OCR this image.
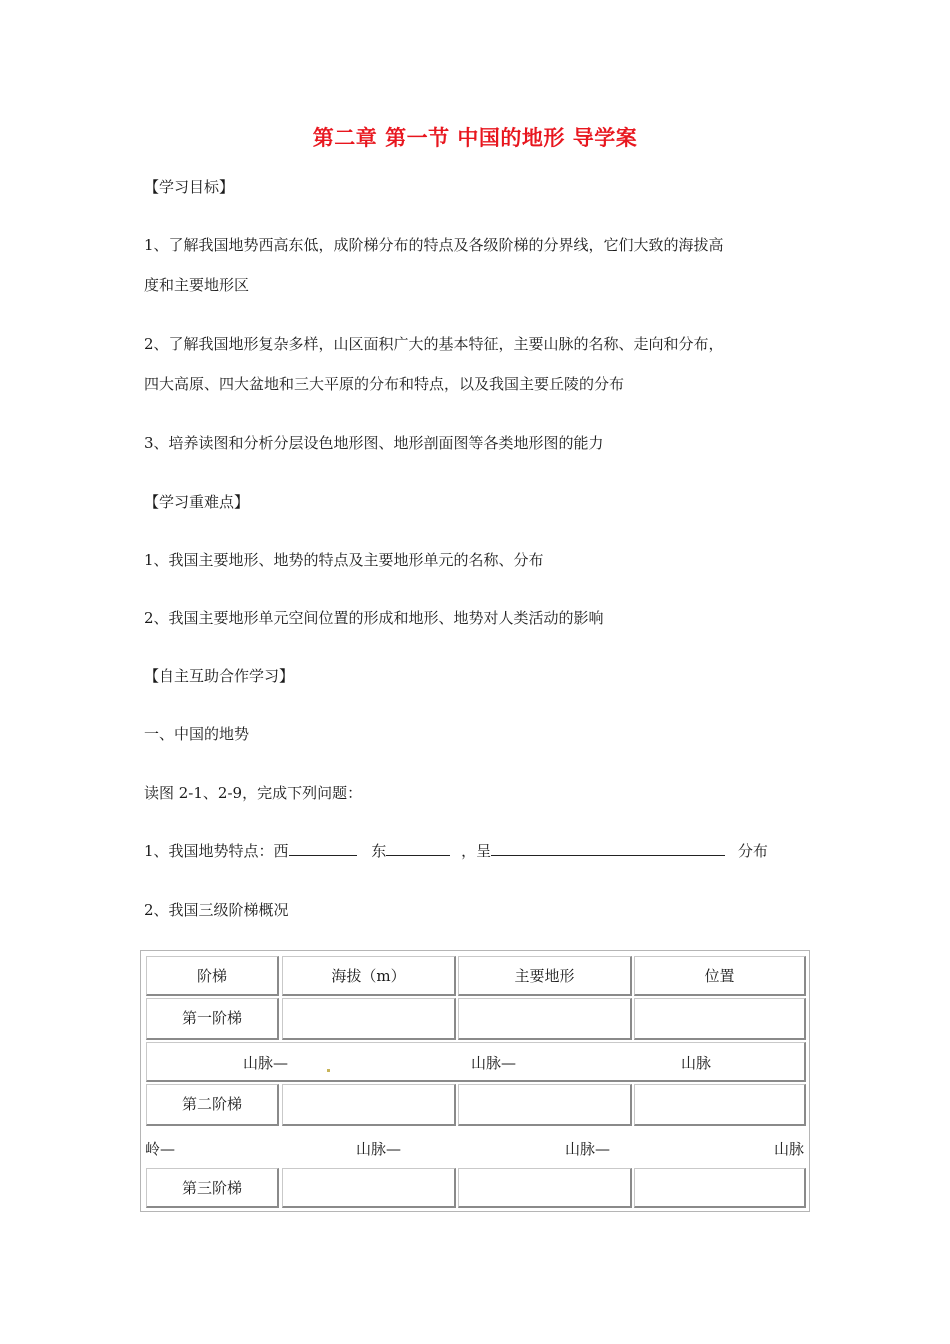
第二章 第一节 中国的地形 导学案
【学习目标】
1、了解我国地势西高东低，成阶梯分布的特点及各级阶梯的分界线，它们大致的海拔高
度和主要地形区
2、了解我国地形复杂多样，山区面积广大的基本特征，主要山脉的名称、走向和分布，
四大高原、四大盆地和三大平原的分布和特点，以及我国主要丘陵的分布
3、培养读图和分析分层设色地形图、地形剖面图等各类地形图的能力
【学习重难点】
1、我国主要地形、地势的特点及主要地形单元的名称、分布
2、我国主要地形单元空间位置的形成和地形、地势对人类活动的影响
【自主互助合作学习】
一、中国的地势
读图 2-1、2-9，完成下列问题：
1、我国地势特点：西	东	，呈	分布
2、我国三级阶梯概况
阶梯	海拔（m）	主要地形	位置
第一阶梯
山脉—	山脉—	山脉
第二阶梯
岭—	山脉—	山脉—	山脉
第三阶梯
